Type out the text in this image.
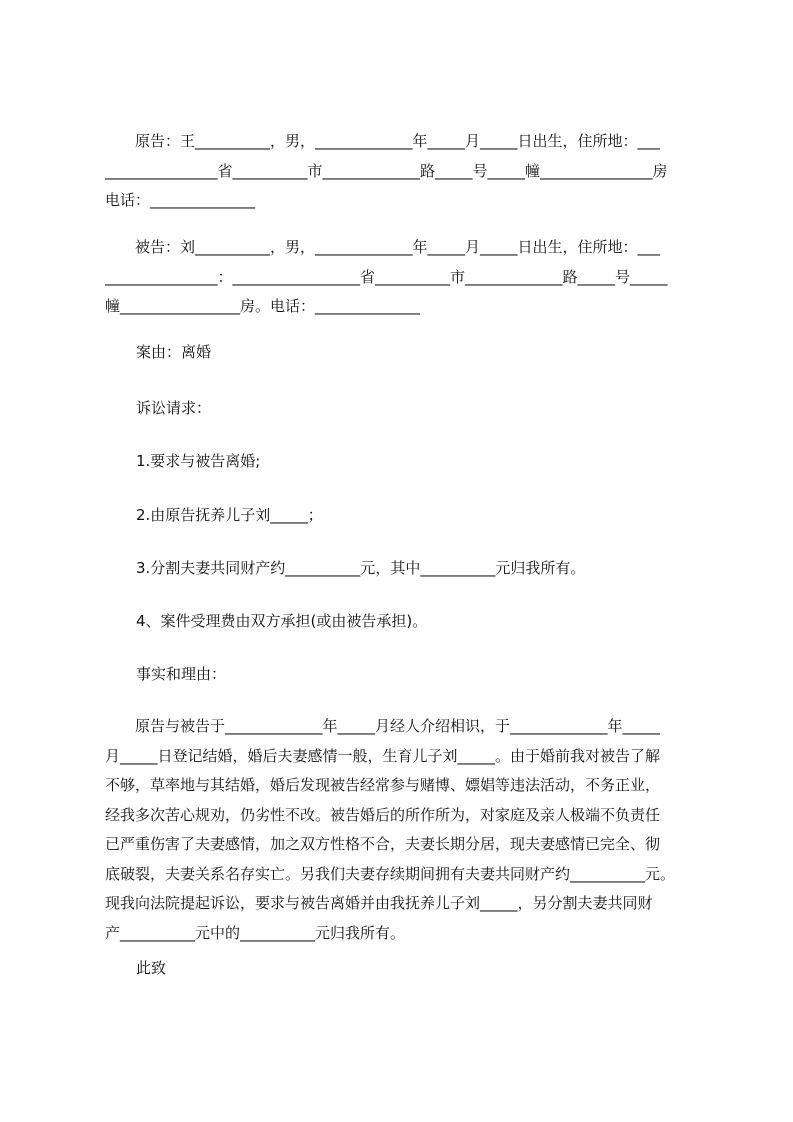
　　原告：王__________，男，_____________年_____月_____日出生，住所地：___
_______________省__________市_____________路_____号_____幢_______________房
电话：______________
　　被告：刘__________，男，_____________年_____月_____日出生，住所地：___
_______________：_________________省__________市_____________路_____号_____
幢________________房。电话：______________

案由：离婚

诉讼请求：

1.要求与被告离婚;

2.由原告抚养儿子刘_____；

3.分割夫妻共同财产约__________元，其中__________元归我所有。

4、案件受理费由双方承担(或由被告承担)。

事实和理由：

　　原告与被告于_____________年_____月经人介绍相识，于_____________年_____
月_____日登记结婚，婚后夫妻感情一般，生育儿子刘_____。由于婚前我对被告了解
不够，草率地与其结婚，婚后发现被告经常参与赌博、嫖娼等违法活动，不务正业，
经我多次苦心规劝，仍劣性不改。被告婚后的所作所为，对家庭及亲人极端不负责任
已严重伤害了夫妻感情，加之双方性格不合，夫妻长期分居，现夫妻感情已完全、彻
底破裂，夫妻关系名存实亡。另我们夫妻存续期间拥有夫妻共同财产约__________元。
现我向法院提起诉讼，要求与被告离婚并由我抚养儿子刘_____，另分割夫妻共同财
产__________元中的__________元归我所有。

此致
